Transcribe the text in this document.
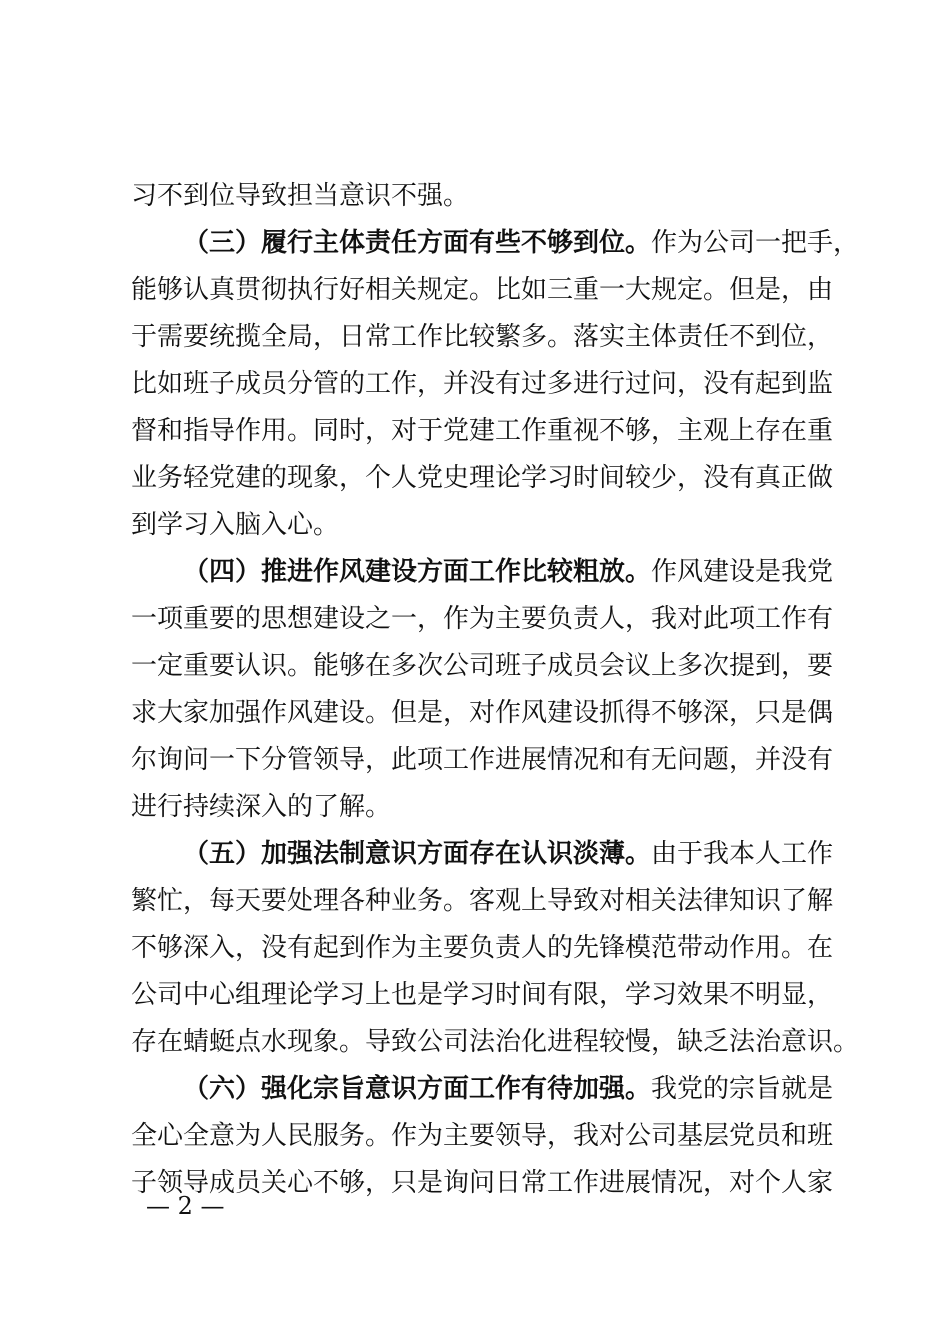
习不到位导致担当意识不强。
（三）履行主体责任方面有些不够到位。作为公司一把手，
能够认真贯彻执行好相关规定。比如三重一大规定。但是，由
于需要统揽全局，日常工作比较繁多。落实主体责任不到位，
比如班子成员分管的工作，并没有过多进行过问，没有起到监
督和指导作用。同时，对于党建工作重视不够，主观上存在重
业务轻党建的现象，个人党史理论学习时间较少，没有真正做
到学习入脑入心。
（四）推进作风建设方面工作比较粗放。作风建设是我党
一项重要的思想建设之一，作为主要负责人，我对此项工作有
一定重要认识。能够在多次公司班子成员会议上多次提到，要
求大家加强作风建设。但是，对作风建设抓得不够深，只是偶
尔询问一下分管领导，此项工作进展情况和有无问题，并没有
进行持续深入的了解。
（五）加强法制意识方面存在认识淡薄。由于我本人工作
繁忙，每天要处理各种业务。客观上导致对相关法律知识了解
不够深入，没有起到作为主要负责人的先锋模范带动作用。在
公司中心组理论学习上也是学习时间有限，学习效果不明显，
存在蜻蜓点水现象。导致公司法治化进程较慢，缺乏法治意识。
（六）强化宗旨意识方面工作有待加强。我党的宗旨就是
全心全意为人民服务。作为主要领导，我对公司基层党员和班
子领导成员关心不够，只是询问日常工作进展情况，对个人家
— 2 —
